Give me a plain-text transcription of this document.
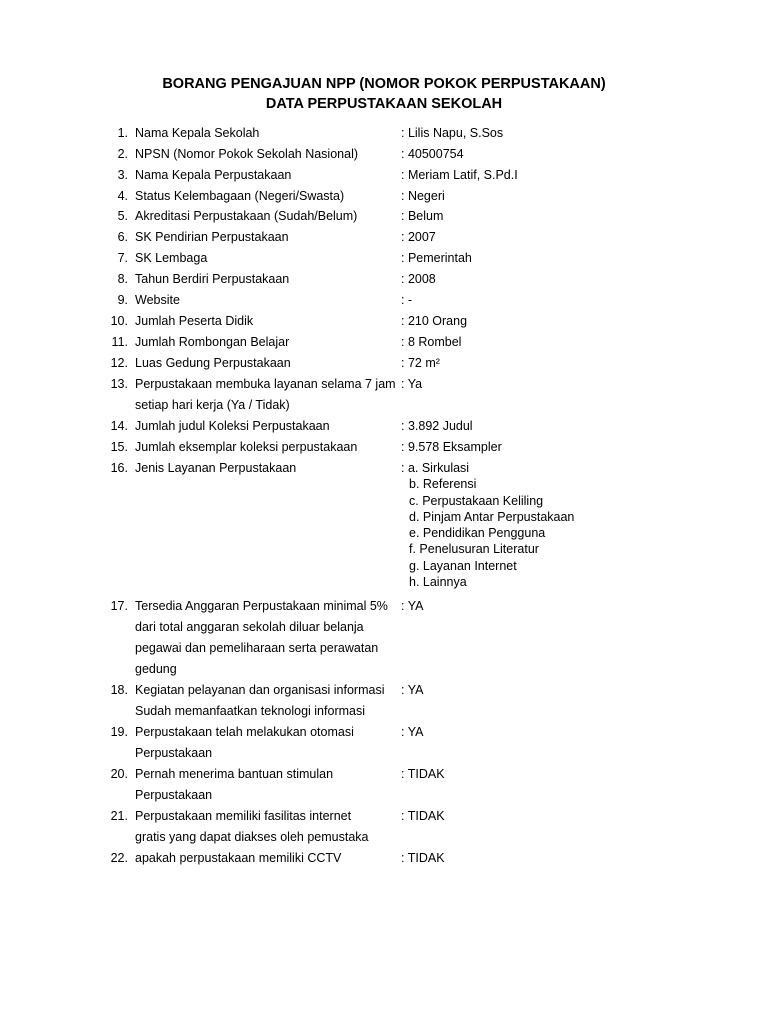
BORANG PENGAJUAN NPP (NOMOR POKOK PERPUSTAKAAN)
DATA PERPUSTAKAAN SEKOLAH
1. Nama Kepala Sekolah	: Lilis Napu, S.Sos
2. NPSN (Nomor Pokok Sekolah Nasional)	: 40500754
3. Nama Kepala Perpustakaan	: Meriam Latif, S.Pd.I
4. Status Kelembagaan (Negeri/Swasta)	: Negeri
5. Akreditasi Perpustakaan (Sudah/Belum)	: Belum
6. SK Pendirian Perpustakaan	: 2007
7. SK Lembaga	: Pemerintah
8. Tahun Berdiri Perpustakaan	: 2008
9. Website	: -
10. Jumlah Peserta Didik	: 210 Orang
11. Jumlah Rombongan Belajar	: 8 Rombel
12. Luas Gedung Perpustakaan	: 72 m²
13. Perpustakaan membuka layanan selama 7 jam
setiap hari kerja (Ya / Tidak)
: Ya
14. Jumlah judul Koleksi Perpustakaan	: 3.892 Judul
15. Jumlah eksemplar koleksi perpustakaan	: 9.578 Eksampler
16. Jenis Layanan Perpustakaan	: a. Sirkulasi
b. Referensi
c. Perpustakaan Keliling
d. Pinjam Antar Perpustakaan
e. Pendidikan Pengguna
f. Penelusuran Literatur
g. Layanan Internet
h. Lainnya
17. Tersedia Anggaran Perpustakaan minimal 5%
dari total anggaran sekolah diluar belanja
pegawai dan pemeliharaan serta perawatan
gedung
: YA
18. Kegiatan pelayanan dan organisasi informasi
Sudah memanfaatkan teknologi informasi
: YA
19. Perpustakaan telah melakukan otomasi
Perpustakaan
: YA
20. Pernah menerima bantuan stimulan
Perpustakaan
: TIDAK
21. Perpustakaan memiliki fasilitas internet
gratis yang dapat diakses oleh pemustaka
: TIDAK
22. apakah perpustakaan memiliki CCTV	: TIDAK
